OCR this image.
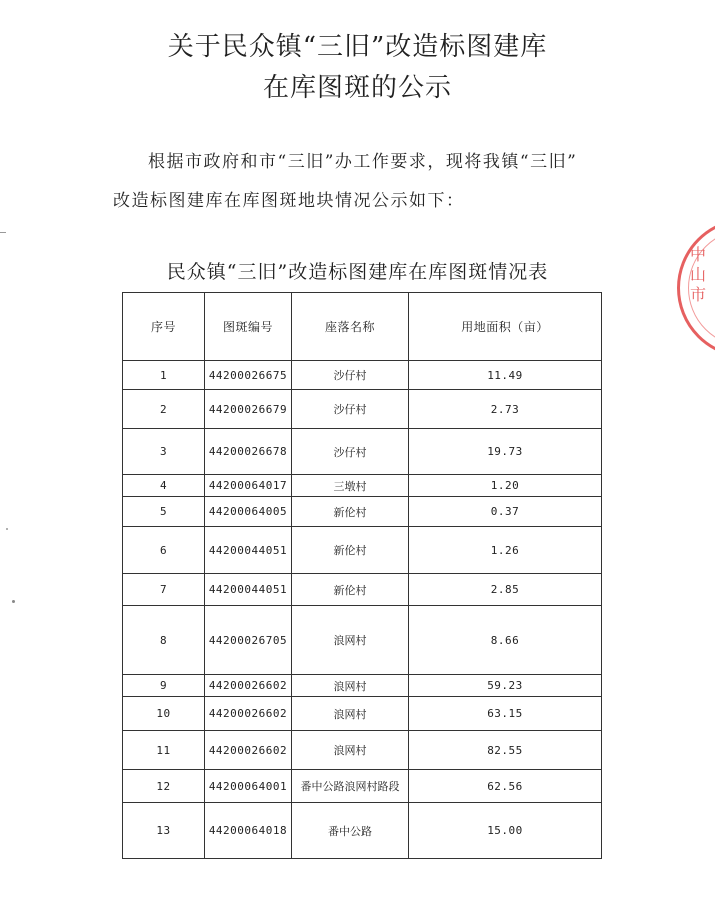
关于民众镇“三旧”改造标图建库
在库图斑的公示
根据市政府和市“三旧”办工作要求，现将我镇“三旧”
改造标图建库在库图斑地块情况公示如下：
民众镇“三旧”改造标图建库在库图斑情况表
序号	图斑编号	座落名称	用地面积（亩）
1	44200026675	沙仔村	11.49
2	44200026679	沙仔村	2.73
3	44200026678	沙仔村	19.73
4	44200064017	三墩村	1.20
5	44200064005	新伦村	0.37
6	44200044051	新伦村	1.26
7	44200044051	新伦村	2.85
8	44200026705	浪网村	8.66
9	44200026602	浪网村	59.23
10	44200026602	浪网村	63.15
11	44200026602	浪网村	82.55
12	44200064001	番中公路浪网村路段	62.56
13	44200064018	番中公路	15.00
中山市
